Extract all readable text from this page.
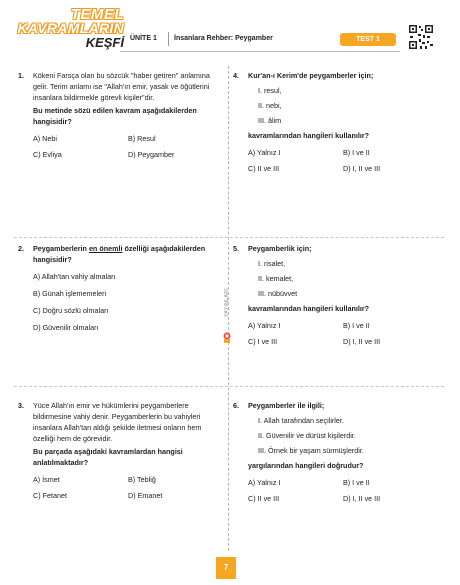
TEMEL
KAVRAMLARIN
KEŞFİ ÜNİTE 1 İnsanlara Rehber: Peygamber	TEST 1
1. Kökeni Farsça olan bu sözcük "haber getiren" anlamına gelir. Terim anlamı ise "Allah'ın emir, yasak ve öğütlerini insanlara bildirmekle görevli kişiler"dir.

Bu metinde sözü edilen kavram aşağıdakilerden hangisidir?

A) Nebi	B) Resul
C) Evliya	D) Peygamber
2. Peygamberlerin en önemli özelliği aşağıdakilerden hangisidir?

A) Allah'tan vahiy almaları
B) Günah işlememeleri
C) Doğru sözlü olmaları
D) Güvenilir olmaları
3. Yüce Allah'ın emir ve hükümlerini peygamberlere bildirmesine vahiy denir. Peygamberlerin bu vahiyleri insanlara Allah'tan aldığı şekilde iletmesi onların hem özelliği hem de görevidir.

Bu parçada aşağıdaki kavramlardan hangisi anlatılmaktadır?

A) İsmet	B) Tebliğ
C) Fetanet	D) Emanet
4. Kur'an-ı Kerim'de peygamberler için;

I. resul,
II. nebi,
III. âlim

kavramlarından hangileri kullanılır?

A) Yalnız I	B) I ve II
C) II ve III	D) I, II ve III
5. Peygamberlik için;

I. risalet,
II. kemalet,
III. nübüvvet

kavramlarından hangileri kullanılır?

A) Yalnız I	B) I ve II
C) I ve III	D) I, II ve III
6. Peygamberler ile ilgili;

I. Allah tarafından seçilirler.
II. Güvenilir ve dürüst kişilerdir.
III. Örnek bir yaşam sürmüşlerdir.

yargılarından hangileri doğrudur?

A) Yalnız I	B) I ve II
C) II ve III	D) I, II ve III
YAYINLARI
7
